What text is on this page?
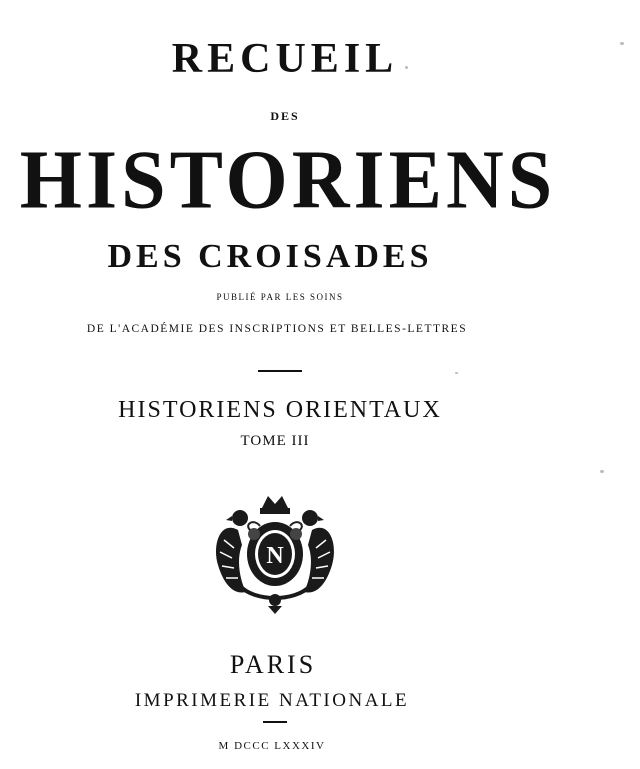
RECUEIL
DES
HISTORIENS
DES CROISADES
PUBLIÉ PAR LES SOINS
DE L'ACADÉMIE DES INSCRIPTIONS ET BELLES-LETTRES
HISTORIENS ORIENTAUX
TOME III
N
PARIS
IMPRIMERIE NATIONALE
M DCCC LXXXIV
